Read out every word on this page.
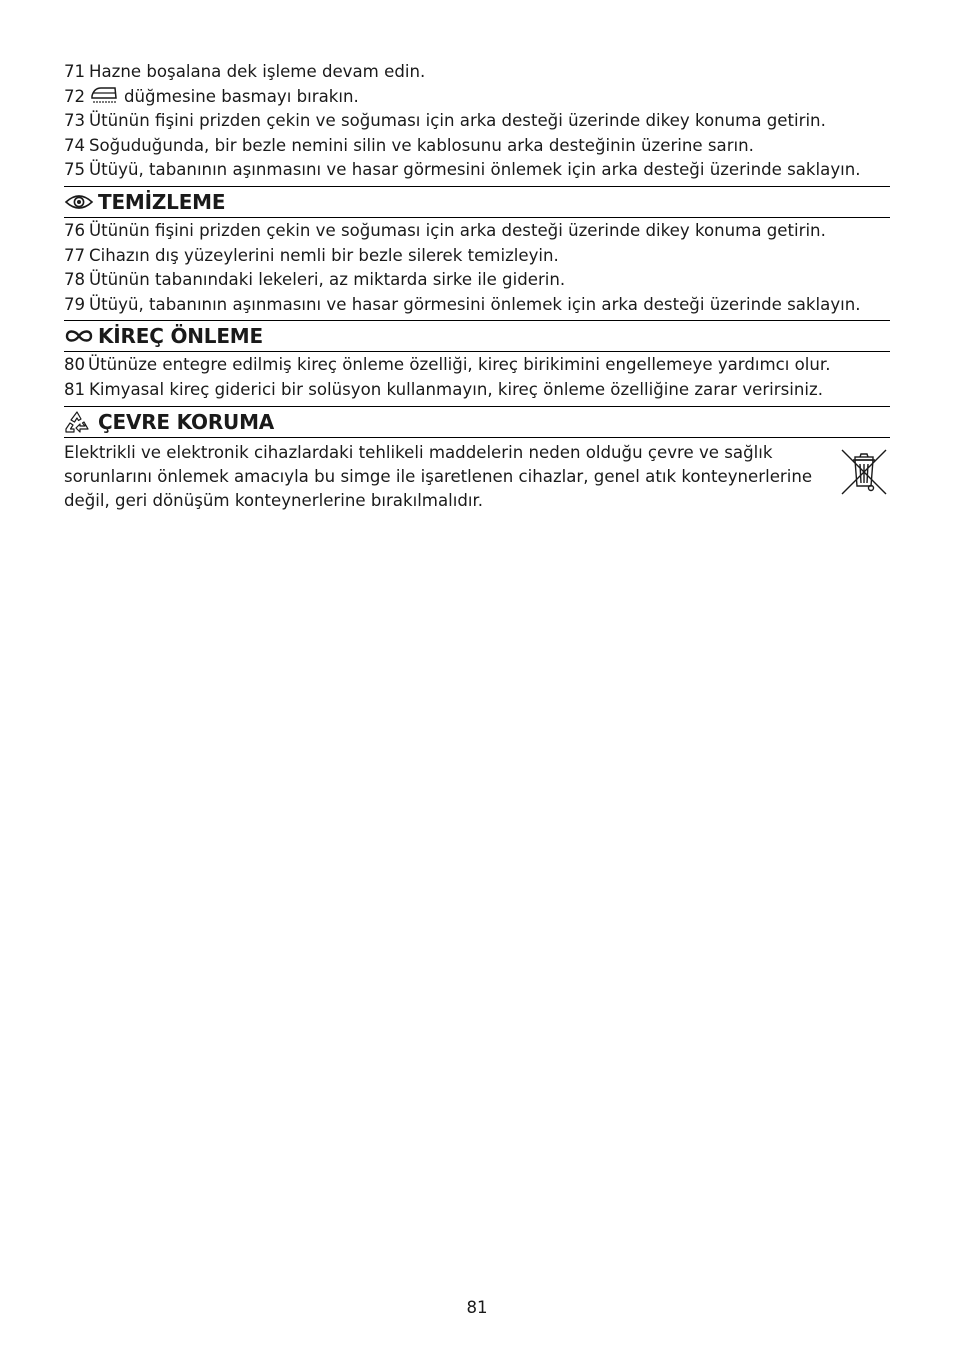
71 Hazne boşalana dek işleme devam edin.
72 düğmesine basmayı bırakın.
73 Ütünün fişini prizden çekin ve soğuması için arka desteği üzerinde dikey konuma getirin.
74 Soğuduğunda, bir bezle nemini silin ve kablosunu arka desteğinin üzerine sarın.
75 Ütüyü, tabanının aşınmasını ve hasar görmesini önlemek için arka desteği üzerinde saklayın.
TEMİZLEME
76 Ütünün fişini prizden çekin ve soğuması için arka desteği üzerinde dikey konuma getirin.
77 Cihazın dış yüzeylerini nemli bir bezle silerek temizleyin.
78 Ütünün tabanındaki lekeleri, az miktarda sirke ile giderin.
79 Ütüyü, tabanının aşınmasını ve hasar görmesini önlemek için arka desteği üzerinde saklayın.
KİREÇ ÖNLEME
80 Ütünüze entegre edilmiş kireç önleme özelliği, kireç birikimini engellemeye yardımcı olur.
81 Kimyasal kireç giderici bir solüsyon kullanmayın, kireç önleme özelliğine zarar verirsiniz.
ÇEVRE KORUMA
Elektrikli ve elektronik cihazlardaki tehlikeli maddelerin neden olduğu çevre ve sağlık sorunlarını önlemek amacıyla bu simge ile işaretlenen cihazlar, genel atık konteynerlerine değil, geri dönüşüm konteynerlerine bırakılmalıdır.
81
